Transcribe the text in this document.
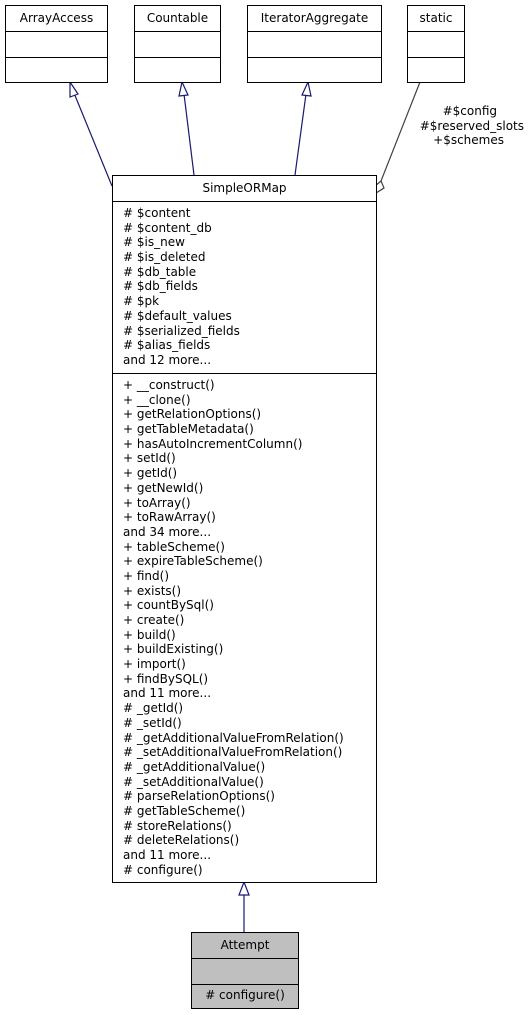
ArrayAccess	Countable	IteratorAggregate	static
#$config
#$reserved_slots
+$schemes
SimpleORMap
# $content
# $content_db
# $is_new
# $is_deleted
# $db_table
# $db_fields
# $pk
# $default_values
# $serialized_fields
# $alias_fields
and 12 more...
+ __construct()
+ __clone()
+ getRelationOptions()
+ getTableMetadata()
+ hasAutoIncrementColumn()
+ setId()
+ getId()
+ getNewId()
+ toArray()
+ toRawArray()
and 34 more...
+ tableScheme()
+ expireTableScheme()
+ find()
+ exists()
+ countBySql()
+ create()
+ build()
+ buildExisting()
+ import()
+ findBySQL()
and 11 more...
# _getId()
# _setId()
# _getAdditionalValueFromRelation()
# _setAdditionalValueFromRelation()
# _getAdditionalValue()
# _setAdditionalValue()
# parseRelationOptions()
# getTableScheme()
# storeRelations()
# deleteRelations()
and 11 more...
# configure()
Attempt
# configure()
